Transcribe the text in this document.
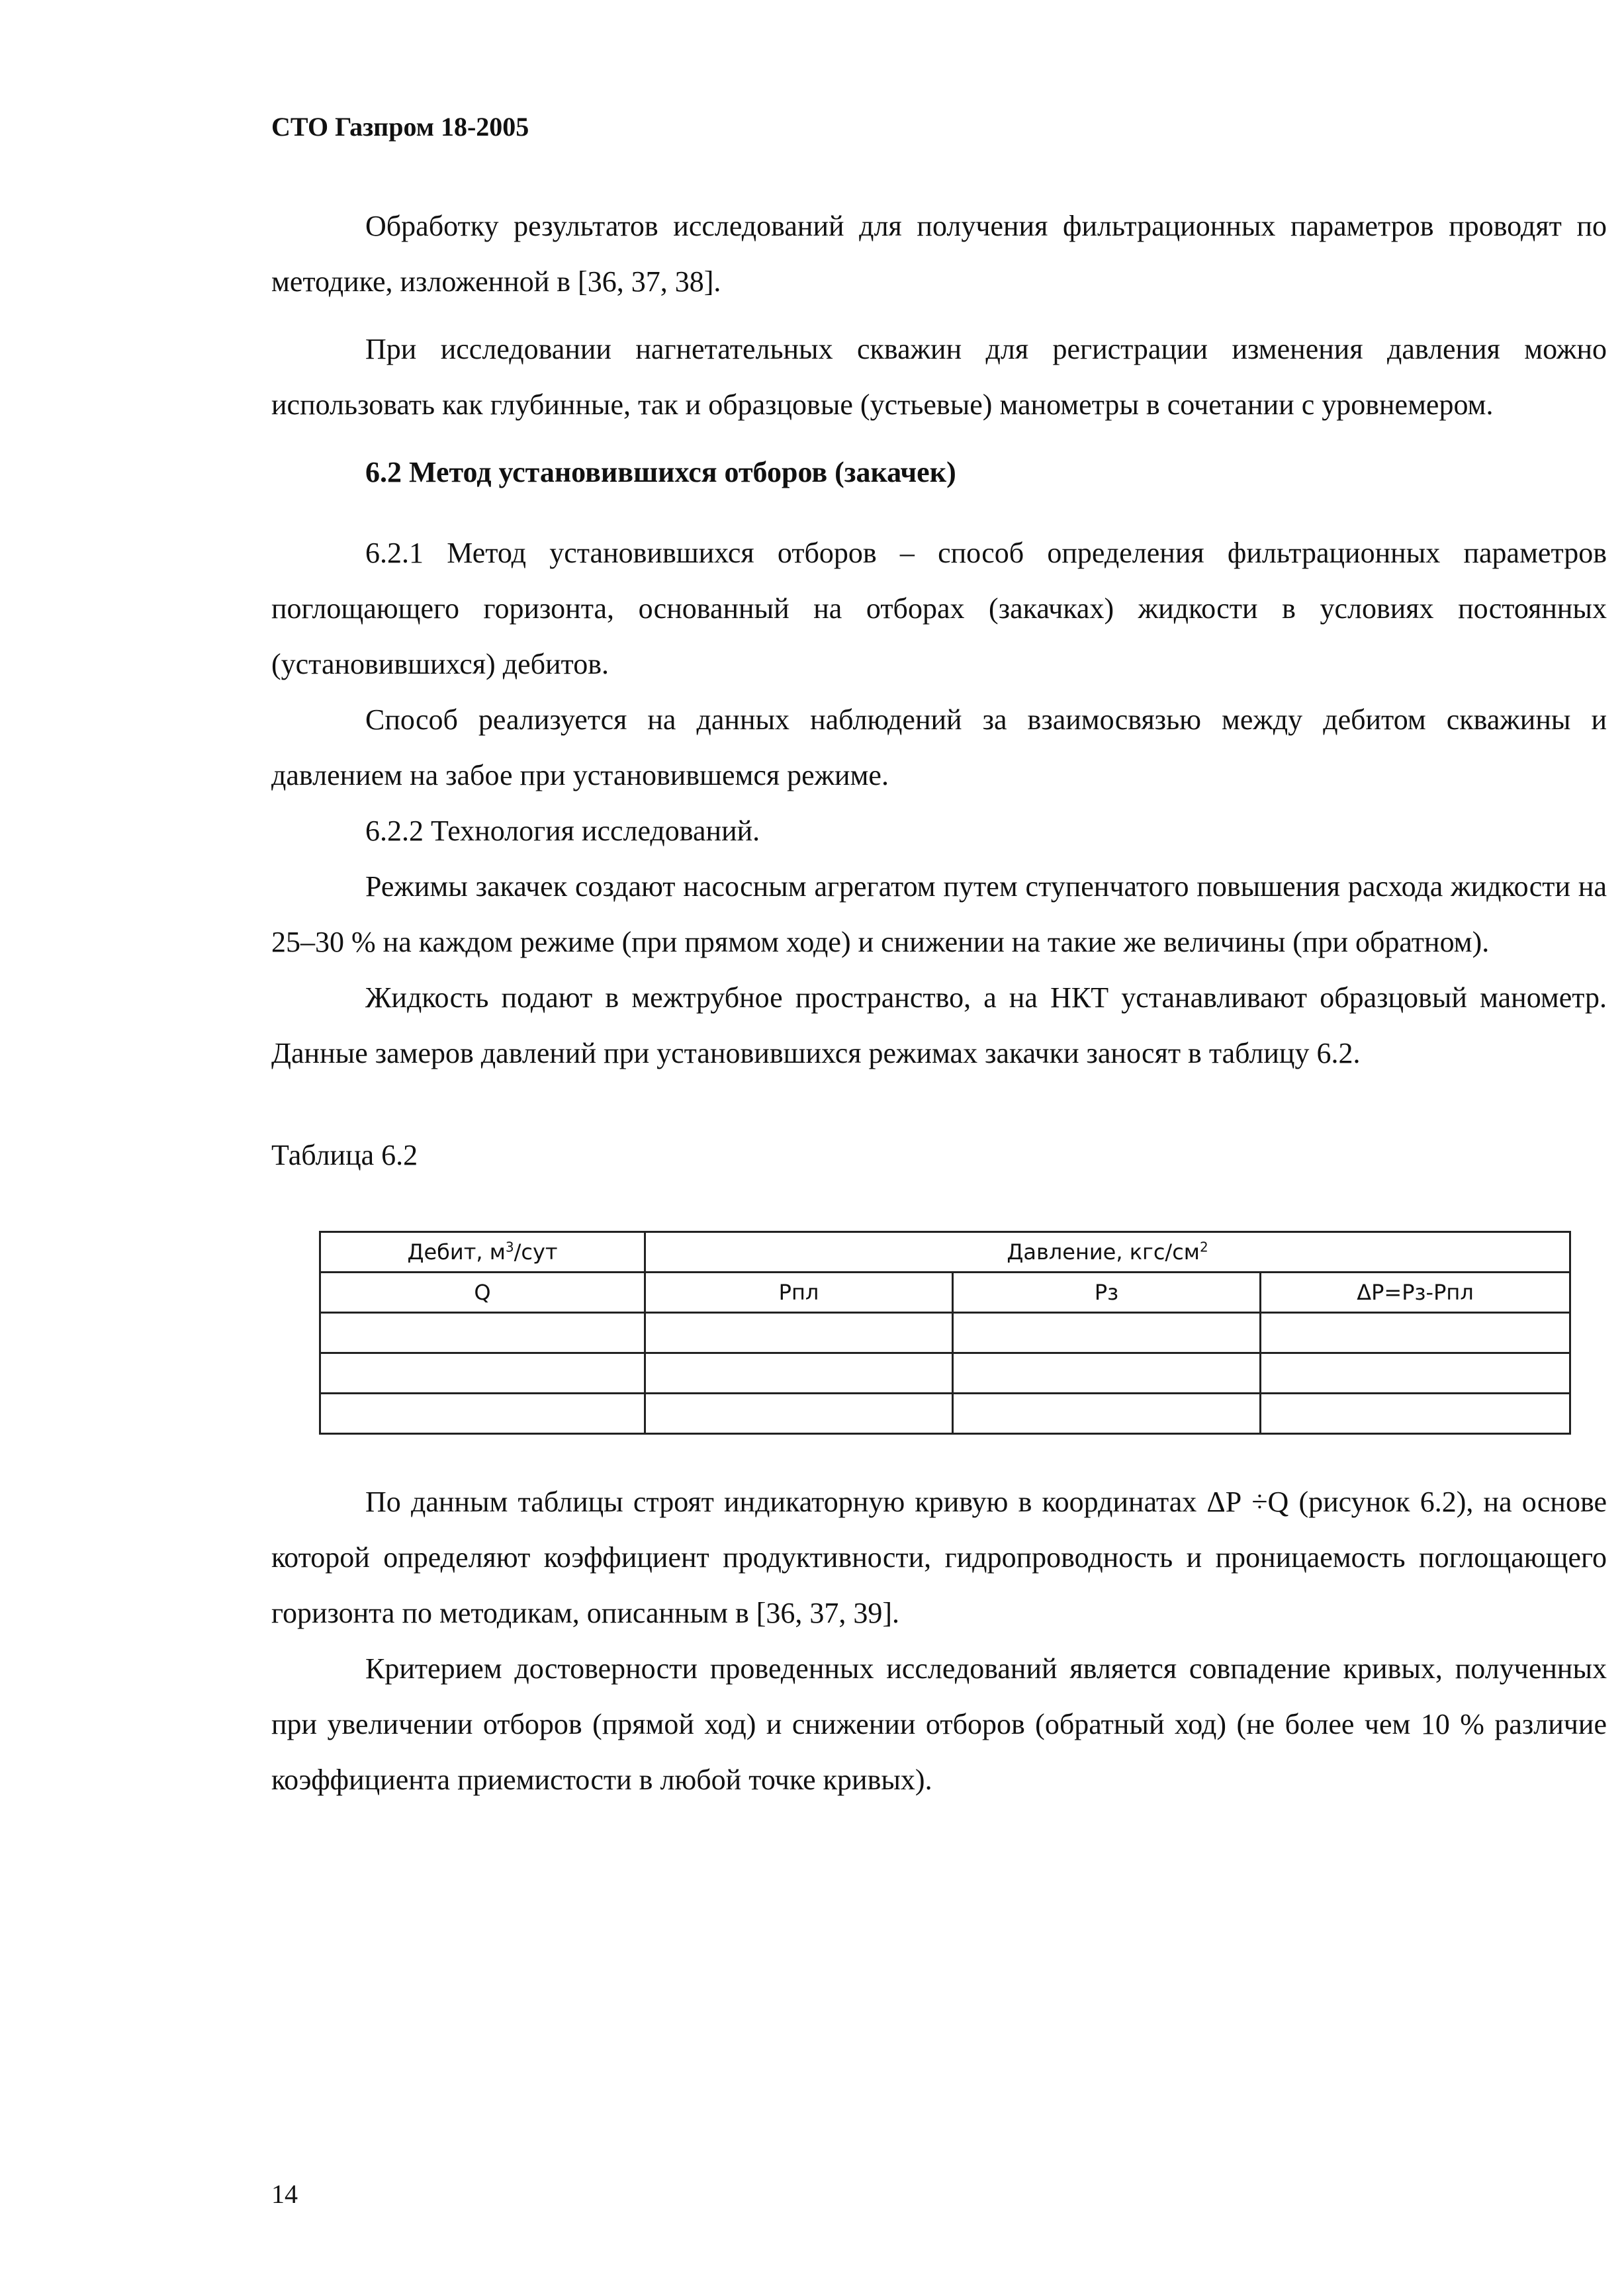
СТО Газпром 18-2005

Обработку результатов исследований для получения фильтрационных параметров проводят по методике, изложенной в [36, 37, 38].

При исследовании нагнетательных скважин для регистрации изменения давления можно использовать как глубинные, так и образцовые (устьевые) манометры в сочетании с уровнемером.

6.2 Метод установившихся отборов (закачек)

6.2.1 Метод установившихся отборов – способ определения фильтрационных параметров поглощающего горизонта, основанный на отборах (закачках) жидкости в условиях постоянных (установившихся) дебитов.

Способ реализуется на данных наблюдений за взаимосвязью между дебитом скважины и давлением на забое при установившемся режиме.

6.2.2 Технология исследований.

Режимы закачек создают насосным агрегатом путем ступенчатого повышения расхода жидкости на 25–30 % на каждом режиме (при прямом ходе) и снижении на такие же величины (при обратном).

Жидкость подают в межтрубное пространство, а на НКТ устанавливают образцовый манометр. Данные замеров давлений при установившихся режимах закачки заносят в таблицу 6.2.

Таблица 6.2

Дебит, $м^3$/сут	Давление, кгс/$см^2$
Q	Рпл	Рз	ΔР=Рз-Рпл

По данным таблицы строят индикаторную кривую в координатах ΔР ÷Q (рисунок 6.2), на основе которой определяют коэффициент продуктивности, гидропроводность и проницаемость поглощающего горизонта по методикам, описанным в [36, 37, 39].

Критерием достоверности проведенных исследований является совпадение кривых, полученных при увеличении отборов (прямой ход) и снижении отборов (обратный ход) (не более чем 10 % различие коэффициента приемистости в любой точке кривых).

14
